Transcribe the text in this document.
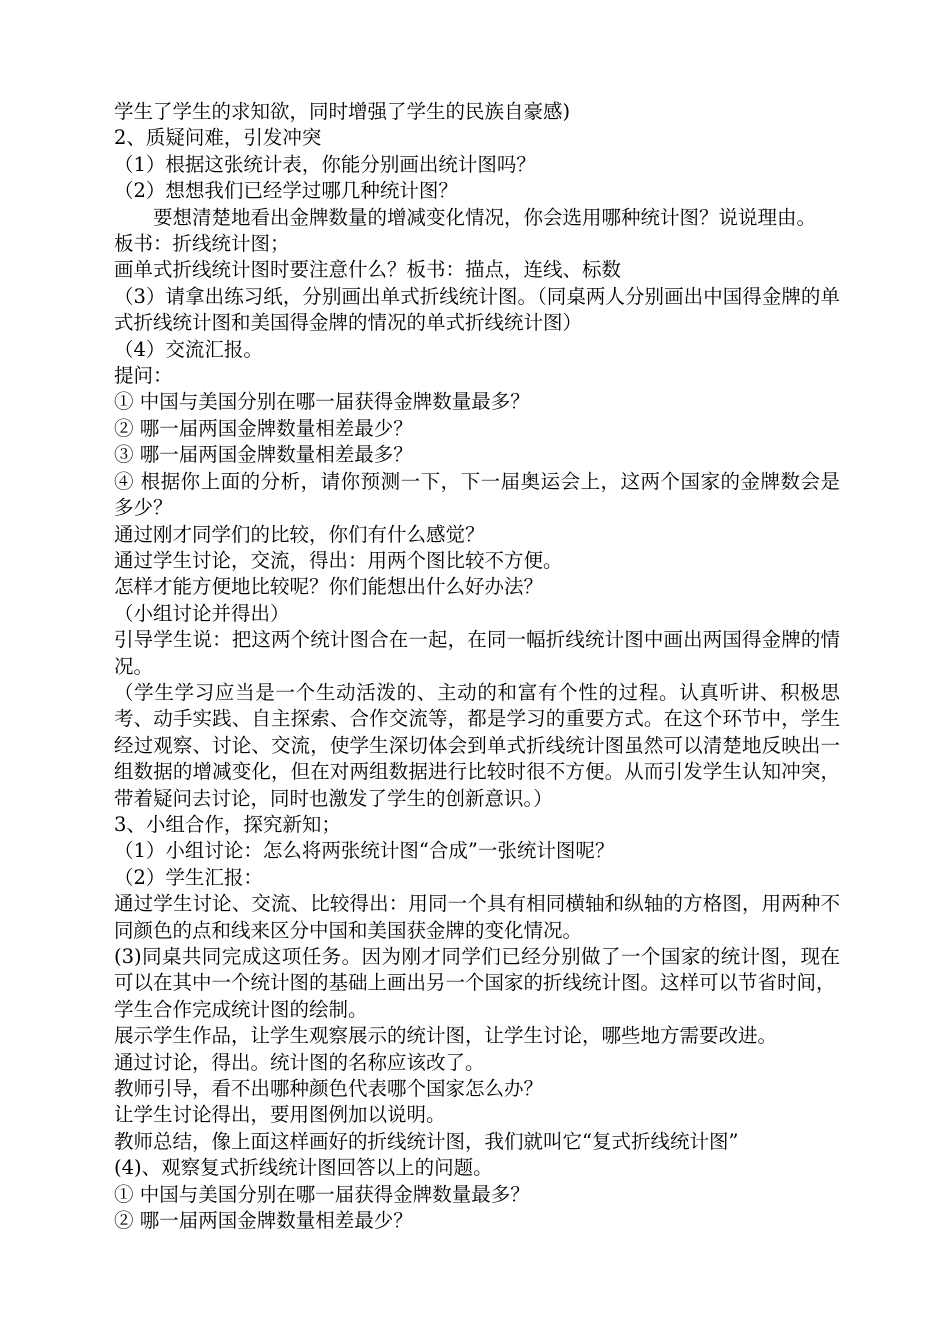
学生了学生的求知欲，同时增强了学生的民族自豪感)

2、质疑问难，引发冲突

（1）根据这张统计表，你能分别画出统计图吗？

（2）想想我们已经学过哪几种统计图？

要想清楚地看出金牌数量的增减变化情况，你会选用哪种统计图？说说理由。

板书：折线统计图；

画单式折线统计图时要注意什么？板书：描点，连线、标数

（3）请拿出练习纸，分别画出单式折线统计图。（同桌两人分别画出中国得金牌的单式折线统计图和美国得金牌的情况的单式折线统计图）

（4）交流汇报。

提问：

① 中国与美国分别在哪一届获得金牌数量最多？

② 哪一届两国金牌数量相差最少？

③ 哪一届两国金牌数量相差最多？

④ 根据你上面的分析，请你预测一下，下一届奥运会上，这两个国家的金牌数会是多少？

通过刚才同学们的比较，你们有什么感觉？

通过学生讨论，交流，得出：用两个图比较不方便。

怎样才能方便地比较呢？你们能想出什么好办法？

（小组讨论并得出）

引导学生说：把这两个统计图合在一起，在同一幅折线统计图中画出两国得金牌的情况。

（学生学习应当是一个生动活泼的、主动的和富有个性的过程。认真听讲、积极思考、动手实践、自主探索、合作交流等，都是学习的重要方式。在这个环节中，学生经过观察、讨论、交流，使学生深切体会到单式折线统计图虽然可以清楚地反映出一组数据的增减变化，但在对两组数据进行比较时很不方便。从而引发学生认知冲突，带着疑问去讨论，同时也激发了学生的创新意识。）

3、小组合作，探究新知；

（1）小组讨论：怎么将两张统计图“合成”一张统计图呢？

（2）学生汇报：

通过学生讨论、交流、比较得出：用同一个具有相同横轴和纵轴的方格图，用两种不同颜色的点和线来区分中国和美国获金牌的变化情况。

(3)同桌共同完成这项任务。因为刚才同学们已经分别做了一个国家的统计图，现在可以在其中一个统计图的基础上画出另一个国家的折线统计图。这样可以节省时间，

学生合作完成统计图的绘制。

展示学生作品，让学生观察展示的统计图，让学生讨论，哪些地方需要改进。

通过讨论，得出。统计图的名称应该改了。

教师引导，看不出哪种颜色代表哪个国家怎么办？

让学生讨论得出，要用图例加以说明。

教师总结，像上面这样画好的折线统计图，我们就叫它“复式折线统计图”

(4)、观察复式折线统计图回答以上的问题。

① 中国与美国分别在哪一届获得金牌数量最多？

② 哪一届两国金牌数量相差最少？
